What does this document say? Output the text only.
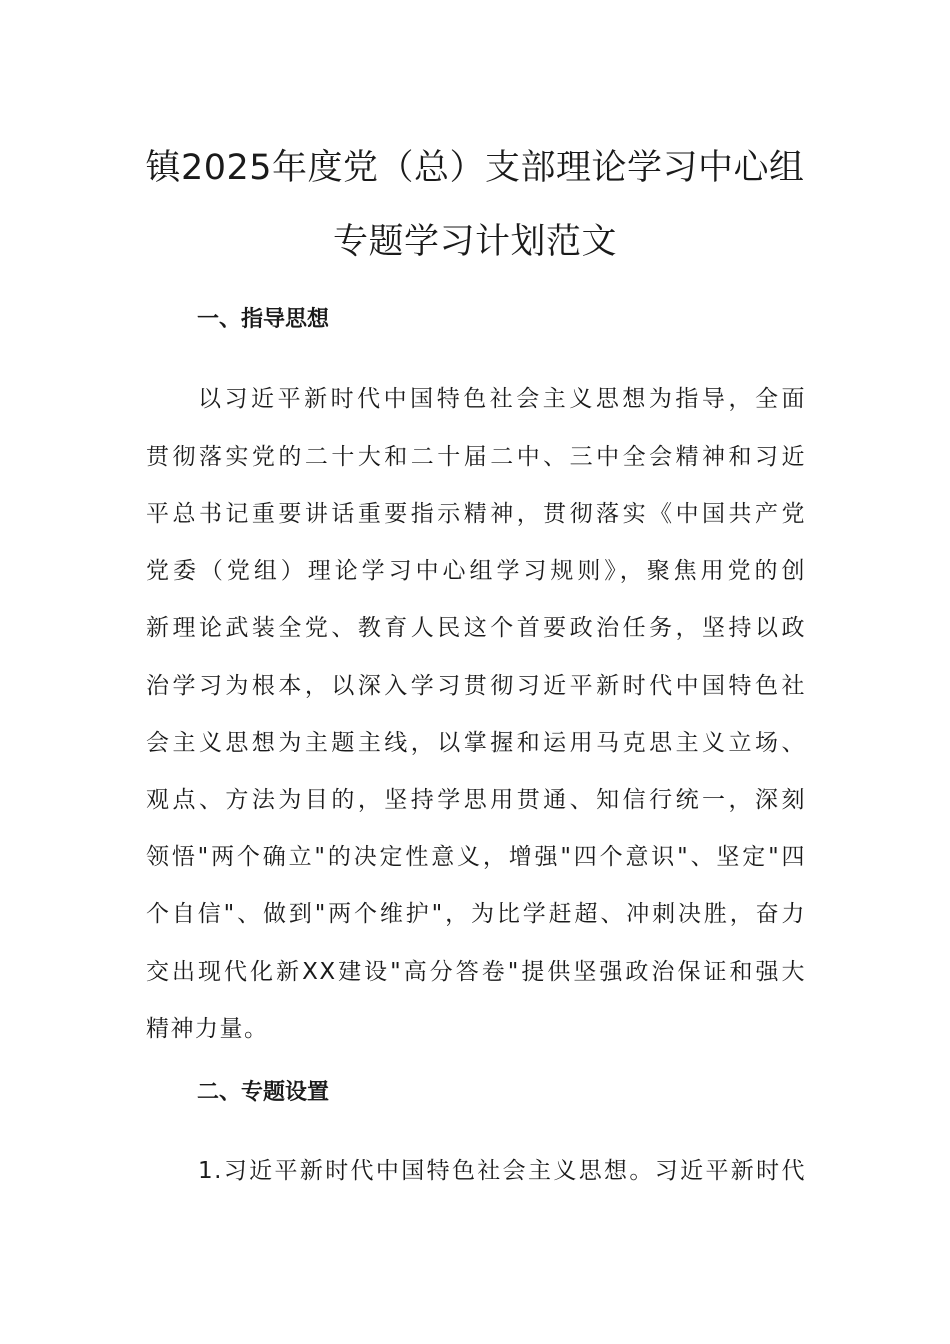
镇2025年度党（总）支部理论学习中心组
专题学习计划范文
一、指导思想
以习近平新时代中国特色社会主义思想为指导，全面
贯彻落实党的二十大和二十届二中、三中全会精神和习近
平总书记重要讲话重要指示精神，贯彻落实《中国共产党
党委（党组）理论学习中心组学习规则》，聚焦用党的创
新理论武装全党、教育人民这个首要政治任务，坚持以政
治学习为根本，以深入学习贯彻习近平新时代中国特色社
会主义思想为主题主线，以掌握和运用马克思主义立场、
观点、方法为目的，坚持学思用贯通、知信行统一，深刻
领悟"两个确立"的决定性意义，增强"四个意识"、坚定"四
个自信"、做到"两个维护"，为比学赶超、冲刺决胜，奋力
交出现代化新XX建设"高分答卷"提供坚强政治保证和强大
精神力量。
二、专题设置
1.习近平新时代中国特色社会主义思想。习近平新时代
